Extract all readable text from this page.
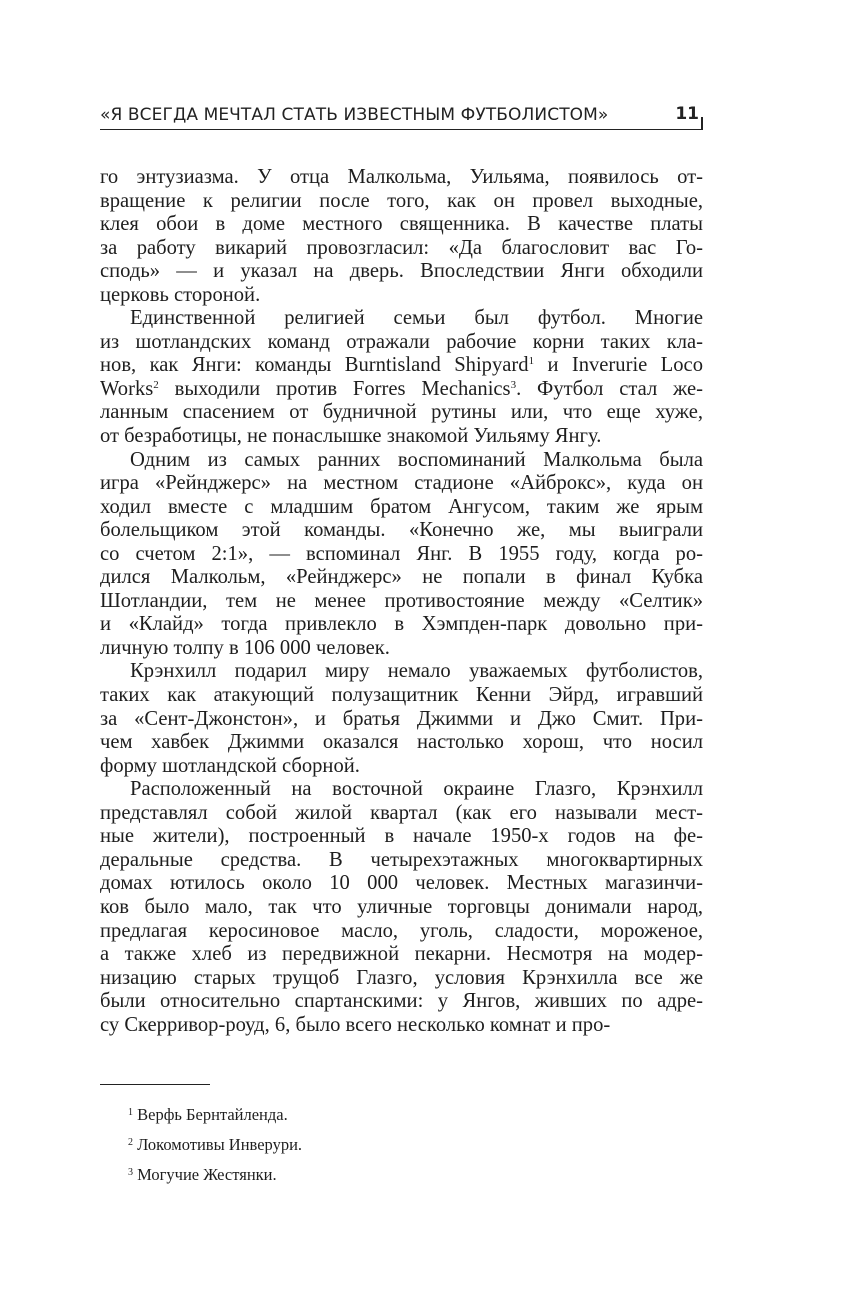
«Я ВСЕГДА МЕЧТАЛ СТАТЬ ИЗВЕСТНЫМ ФУТБОЛИСТОМ»	11
го энтузиазма. У отца Малкольма, Уильяма, появилось от-
вращение к религии после того, как он провел выходные,
клея обои в доме местного священника. В качестве платы
за работу викарий провозгласил: «Да благословит вас Го-
сподь» — и указал на дверь. Впоследствии Янги обходили
церковь стороной.
Единственной религией семьи был футбол. Многие
из шотландских команд отражали рабочие корни таких кла-
нов, как Янги: команды Burntisland Shipyard$^1$ и Inverurie Loco
Works$^2$ выходили против Forres Mechanics$^3$. Футбол стал же-
ланным спасением от будничной рутины или, что еще хуже,
от безработицы, не понаслышке знакомой Уильяму Янгу.
Одним из самых ранних воспоминаний Малкольма была
игра «Рейнджерс» на местном стадионе «Айброкс», куда он
ходил вместе с младшим братом Ангусом, таким же ярым
болельщиком этой команды. «Конечно же, мы выиграли
со счетом 2:1», — вспоминал Янг. В 1955 году, когда ро-
дился Малкольм, «Рейнджерс» не попали в финал Кубка
Шотландии, тем не менее противостояние между «Селтик»
и «Клайд» тогда привлекло в Хэмпден-парк довольно при-
личную толпу в 106 000 человек.
Крэнхилл подарил миру немало уважаемых футболистов,
таких как атакующий полузащитник Кенни Эйрд, игравший
за «Сент-Джонстон», и братья Джимми и Джо Смит. При-
чем хавбек Джимми оказался настолько хорош, что носил
форму шотландской сборной.
Расположенный на восточной окраине Глазго, Крэнхилл
представлял собой жилой квартал (как его называли мест-
ные жители), построенный в начале 1950-х годов на фе-
деральные средства. В четырехэтажных многоквартирных
домах ютилось около 10 000 человек. Местных магазинчи-
ков было мало, так что уличные торговцы донимали народ,
предлагая керосиновое масло, уголь, сладости, мороженое,
а также хлеб из передвижной пекарни. Несмотря на модер-
низацию старых трущоб Глазго, условия Крэнхилла все же
были относительно спартанскими: у Янгов, живших по адре-
су Скерривор-роуд, 6, было всего несколько комнат и про-
$^1$ Верфь Бернтайленда.
$^2$ Локомотивы Инверури.
$^3$ Могучие Жестянки.
